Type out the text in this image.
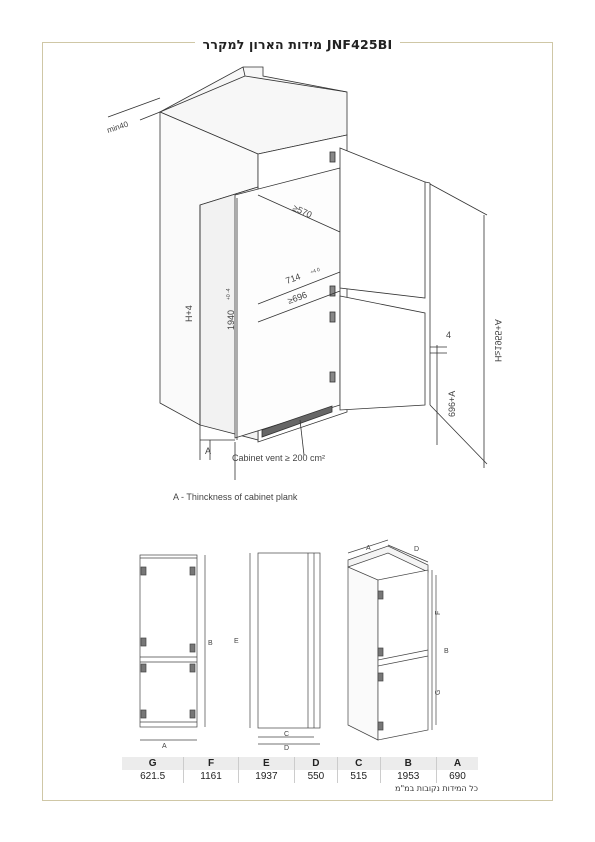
מידות הארון למקרר JNF425BI
min40
≥570
714 +4 0
≥696
1940
+0 -4
H+4
4
696+A
H≥1955+A
A
Cabinet vent ≥ 200 cm²
A - Thinckness of cabinet plank
A
B
C
D
E
A	D
F
B
G
G	F	E	D	C	B	A
621.5	1161	1937	550	515	1953	690
כל המידות נקובות במ"מ
